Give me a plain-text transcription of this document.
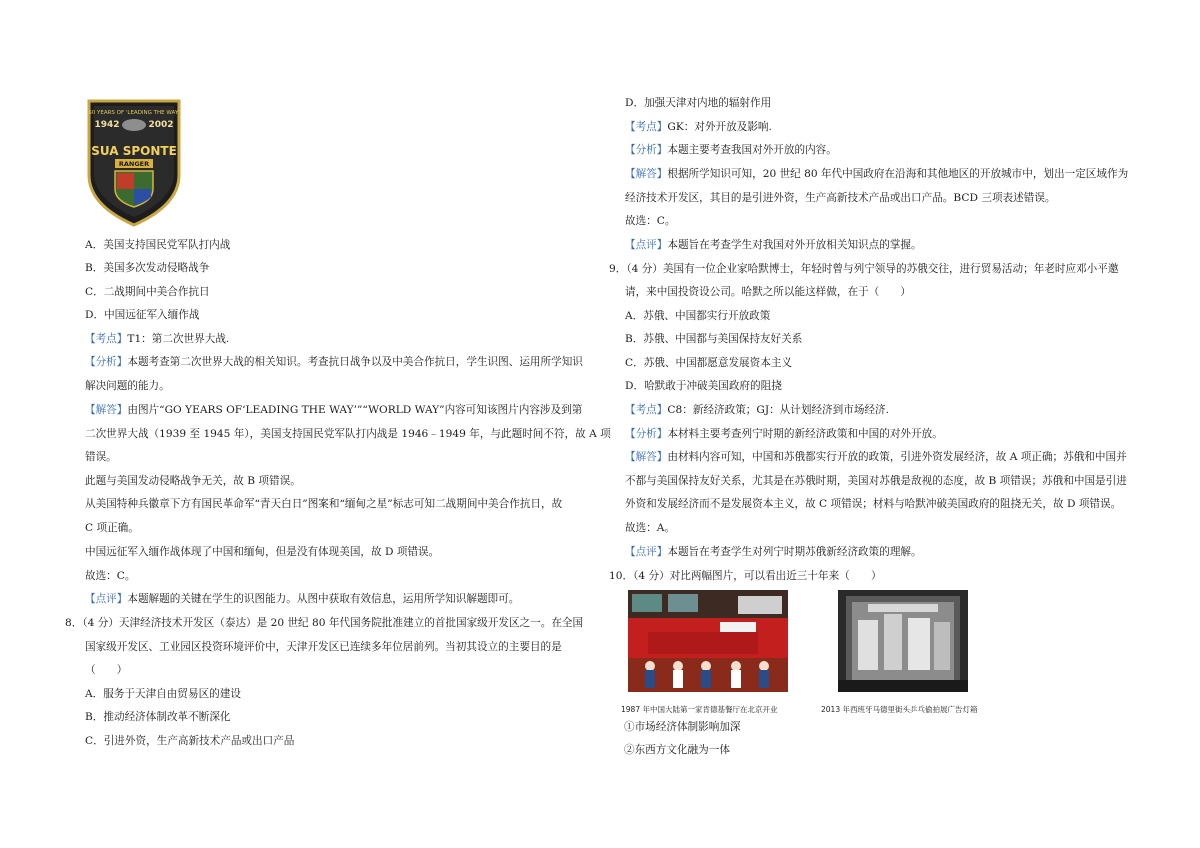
60 YEARS OF 'LEADING THE WAY'
1942	2002
SUA SPONTE
RANGER
A．美国支持国民党军队打内战
B．美国多次发动侵略战争
C．二战期间中美合作抗日
D．中国远征军入缅作战
【考点】T1：第二次世界大战.
【分析】本题考查第二次世界大战的相关知识。考查抗日战争以及中美合作抗日，学生识图、运用所学知识
解决问题的能力。
【解答】由图片“GO YEARS OF‘LEADING THE WAY’”“WORLD WAY”内容可知该图片内容涉及到第
二次世界大战（1939 至 1945 年），美国支持国民党军队打内战是 1946﹣1949 年，与此题时间不符，故 A 项
错误。
此题与美国发动侵略战争无关，故 B 项错误。
从美国特种兵徽章下方有国民革命军“青天白日”图案和“缅甸之星”标志可知二战期间中美合作抗日，故
C 项正确。
中国远征军入缅作战体现了中国和缅甸，但是没有体现美国，故 D 项错误。
故选：C。
【点评】本题解题的关键在学生的识图能力。从图中获取有效信息，运用所学知识解题即可。
8．（4 分）天津经济技术开发区（泰达）是 20 世纪 80 年代国务院批准建立的首批国家级开发区之一。在全国
国家级开发区、工业园区投资环境评价中，天津开发区已连续多年位居前列。当初其设立的主要目的是
（　　）
A．服务于天津自由贸易区的建设
B．推动经济体制改革不断深化
C．引进外资，生产高新技术产品或出口产品
D．加强天津对内地的辐射作用
【考点】GK：对外开放及影响.
【分析】本题主要考查我国对外开放的内容。
【解答】根据所学知识可知，20 世纪 80 年代中国政府在沿海和其他地区的开放城市中，划出一定区域作为
经济技术开发区，其目的是引进外资，生产高新技术产品或出口产品。BCD 三项表述错误。
故选：C。
【点评】本题旨在考查学生对我国对外开放相关知识点的掌握。
9．（4 分）美国有一位企业家哈默博士，年轻时曾与列宁领导的苏俄交往，进行贸易活动；年老时应邓小平邀
请，来中国投资设公司。哈默之所以能这样做，在于（　　）
A．苏俄、中国都实行开放政策
B．苏俄、中国都与美国保持友好关系
C．苏俄、中国都愿意发展资本主义
D．哈默敢于冲破美国政府的阻挠
【考点】C8：新经济政策；GJ：从计划经济到市场经济.
【分析】本材料主要考查列宁时期的新经济政策和中国的对外开放。
【解答】由材料内容可知，中国和苏俄都实行开放的政策，引进外资发展经济，故 A 项正确；苏俄和中国并
不都与美国保持友好关系，尤其是在苏俄时期，美国对苏俄是敌视的态度，故 B 项错误；苏俄和中国是引进
外资和发展经济而不是发展资本主义，故 C 项错误；材料与哈默冲破美国政府的阻挠无关，故 D 项错误。
故选：A。
【点评】本题旨在考查学生对列宁时期苏俄新经济政策的理解。
10．（4 分）对比两幅图片，可以看出近三十年来（　　）
1987 年中国大陆第一家肯德基餐厅在北京开业	2013 年西班牙马德里街头乒乓偷拍展广告灯箱
①市场经济体制影响加深
②东西方文化融为一体
